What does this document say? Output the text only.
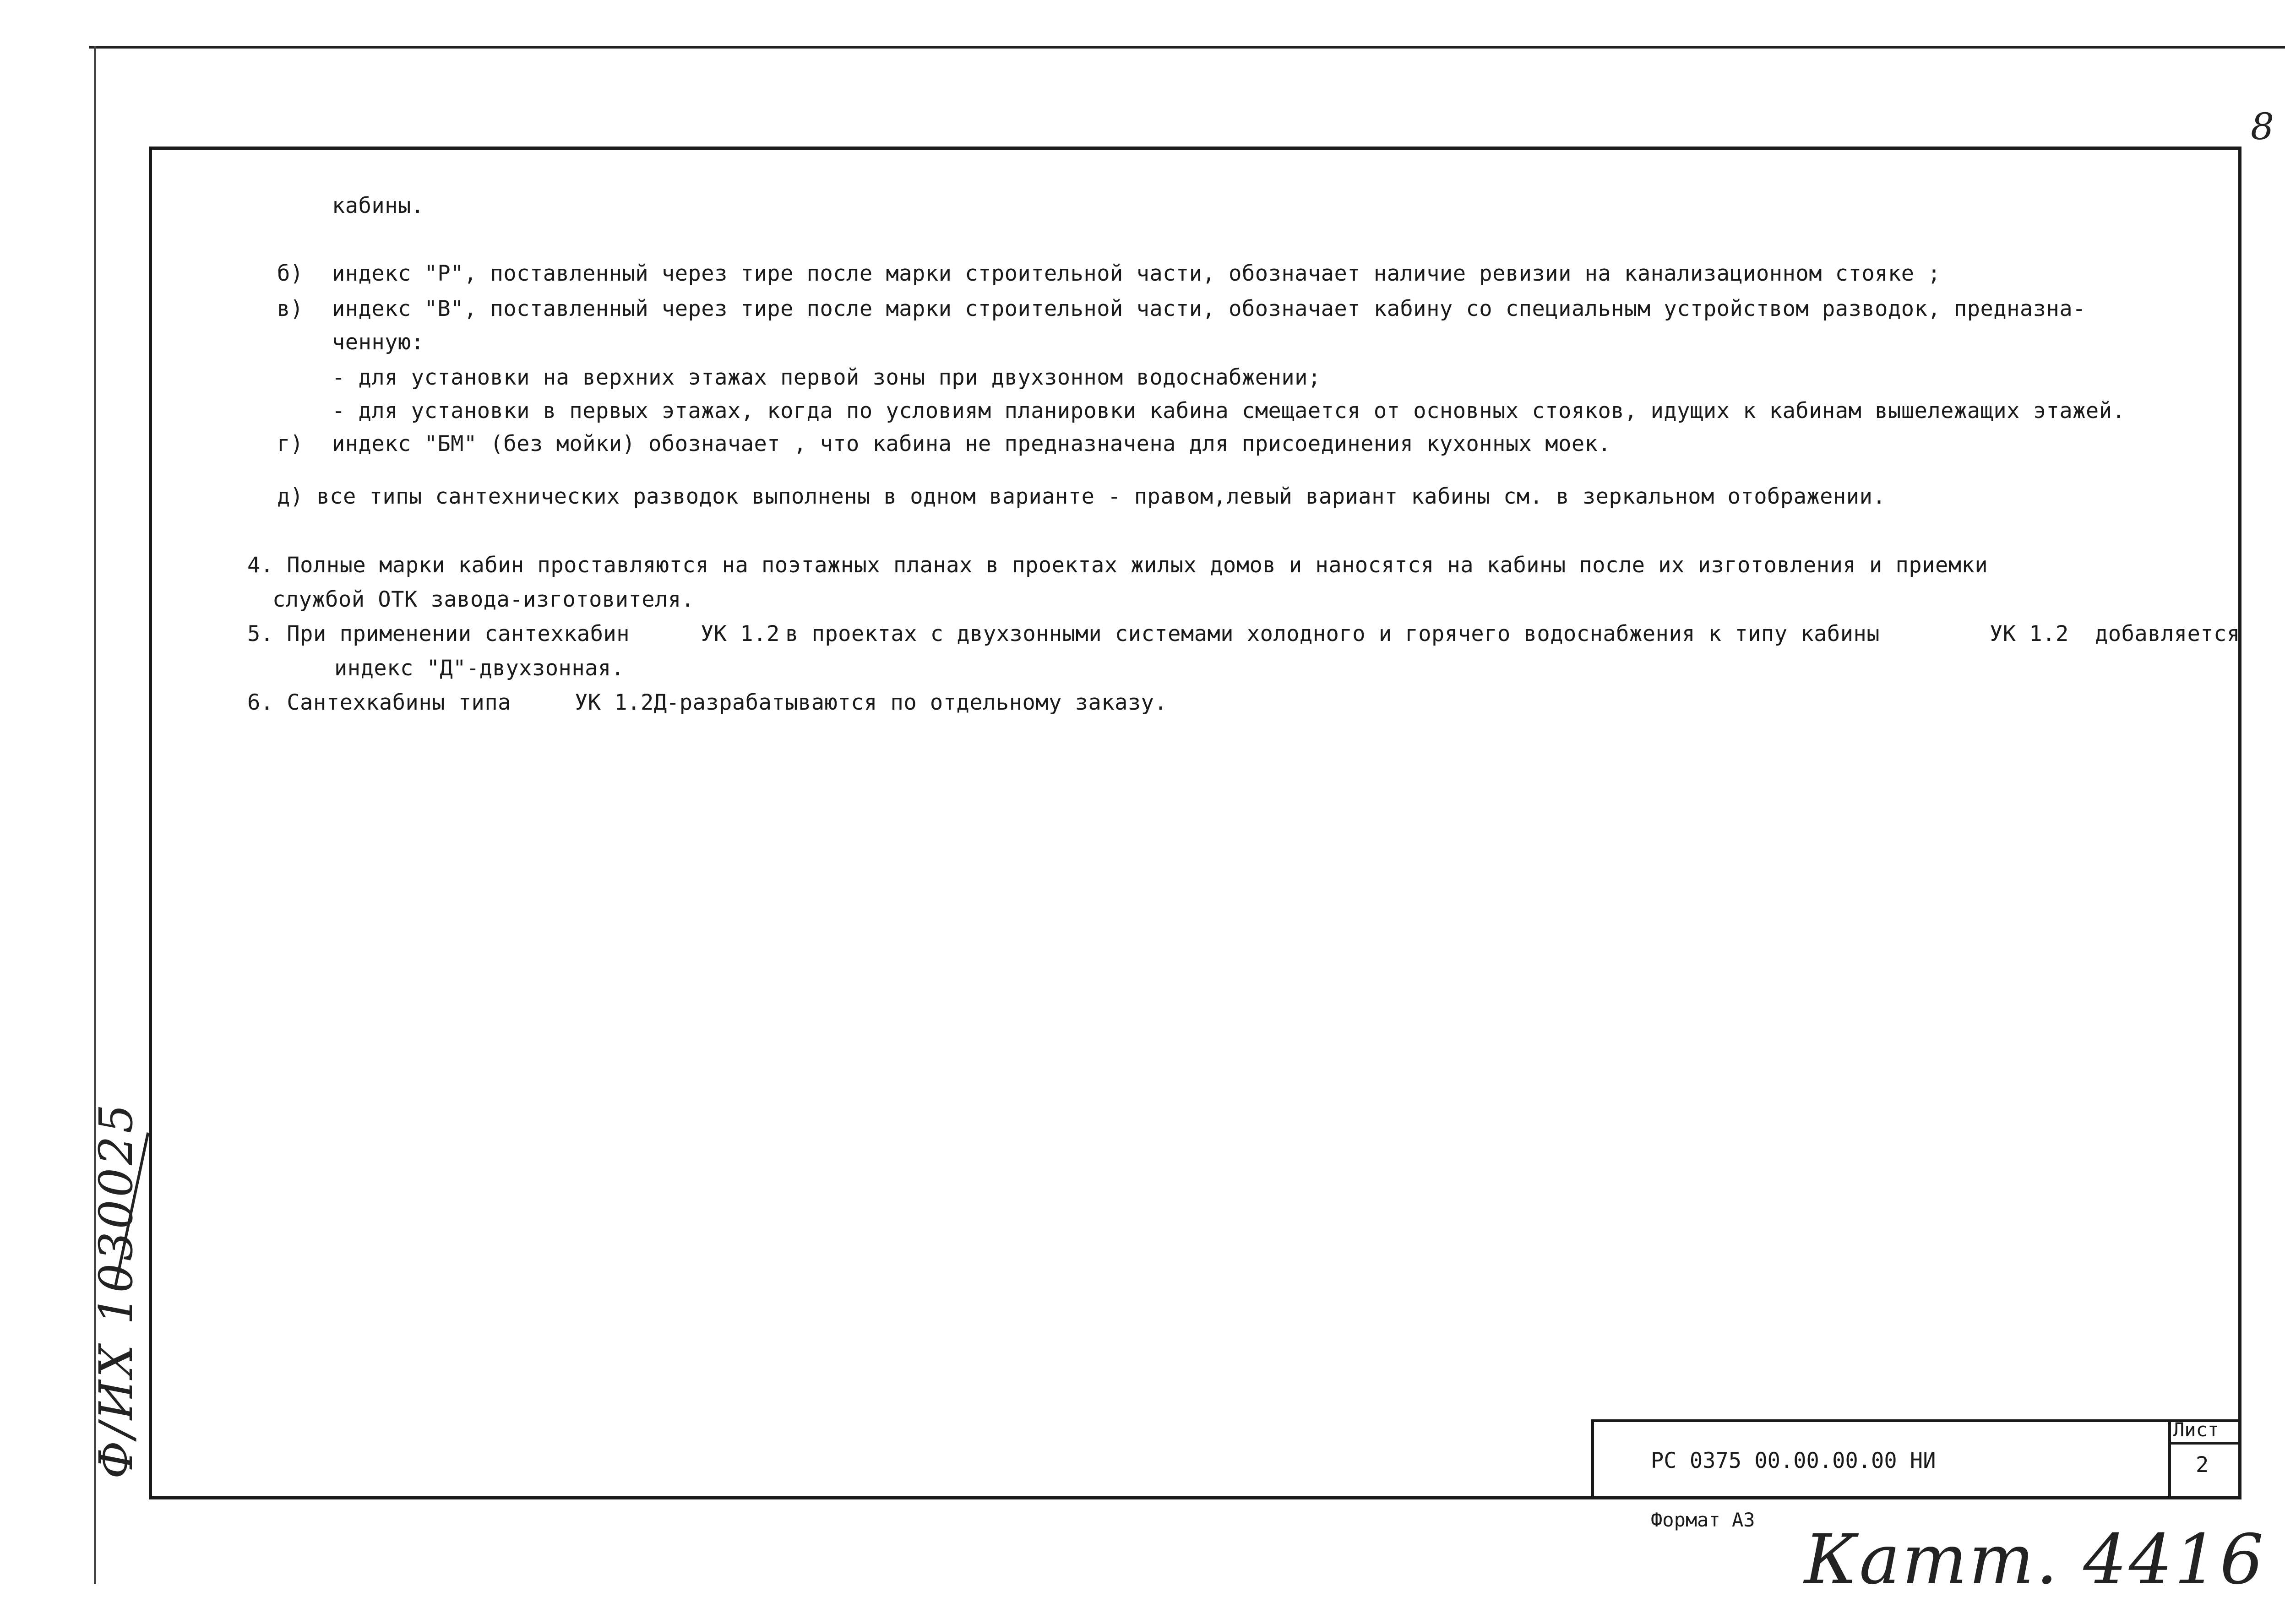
8
кабины.
б) индекс "Р", поставленный через тире после марки строительной части, обозначает наличие ревизии на канализационном стояке ;
в) индекс "В", поставленный через тире после марки строительной части, обозначает кабину со специальным устройством разводок, предназна-
ченную:
- для установки на верхних этажах первой зоны при двухзонном водоснабжении;
- для установки в первых этажах, когда по условиям планировки кабина смещается от основных стояков, идущих к кабинам вышележащих этажей.
г) индекс "БМ" (без мойки) обозначает , что кабина не предназначена для присоединения кухонных моек.
д) все типы сантехнических разводок выполнены в одном варианте - правом,левый вариант кабины см. в зеркальном отображении.
4. Полные марки кабин проставляются на поэтажных планах в проектах жилых домов и наносятся на кабины после их изготовления и приемки
службой ОТК завода-изготовителя.
5. При применении сантехкабин	УК 1.2 в проектах с двухзонными системами холодного и горячего водоснабжения к типу кабины	УК 1.2 добавляется
индекс "Д"-двухзонная.
6. Сантехкабины типа	УК 1.2Д
-разрабатываются по отдельному заказу.
РС 0375 00.00.00.00 НИ
Лист
2
Формат А3
Катт. 4416
Ф/ИХ 1030025
